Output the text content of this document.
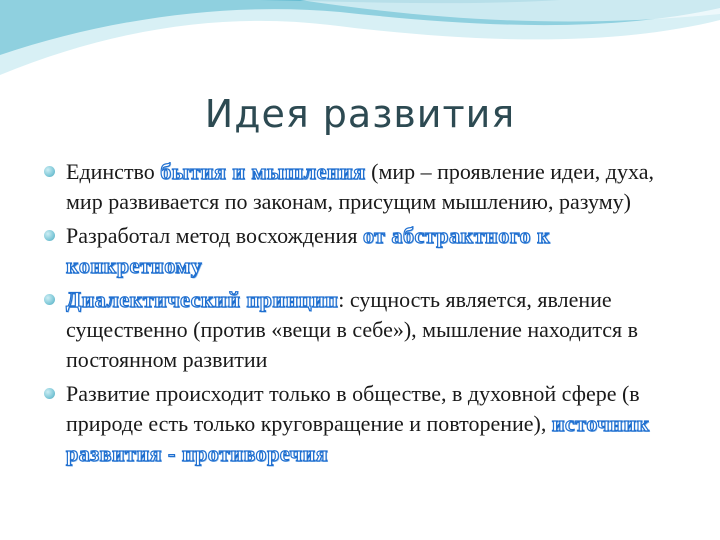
Идея развития
Единство бытия и мышления (мир – проявление идеи, духа, мир развивается по законам, присущим мышлению, разуму)
Разработал метод восхождения от абстрактного к конкретному
Диалектический принцип: сущность является, явление существенно (против «вещи в себе»), мышление находится в постоянном развитии
Развитие происходит только в обществе, в духовной сфере (в природе есть только круговращение и повторение), источник развития - противоречия
